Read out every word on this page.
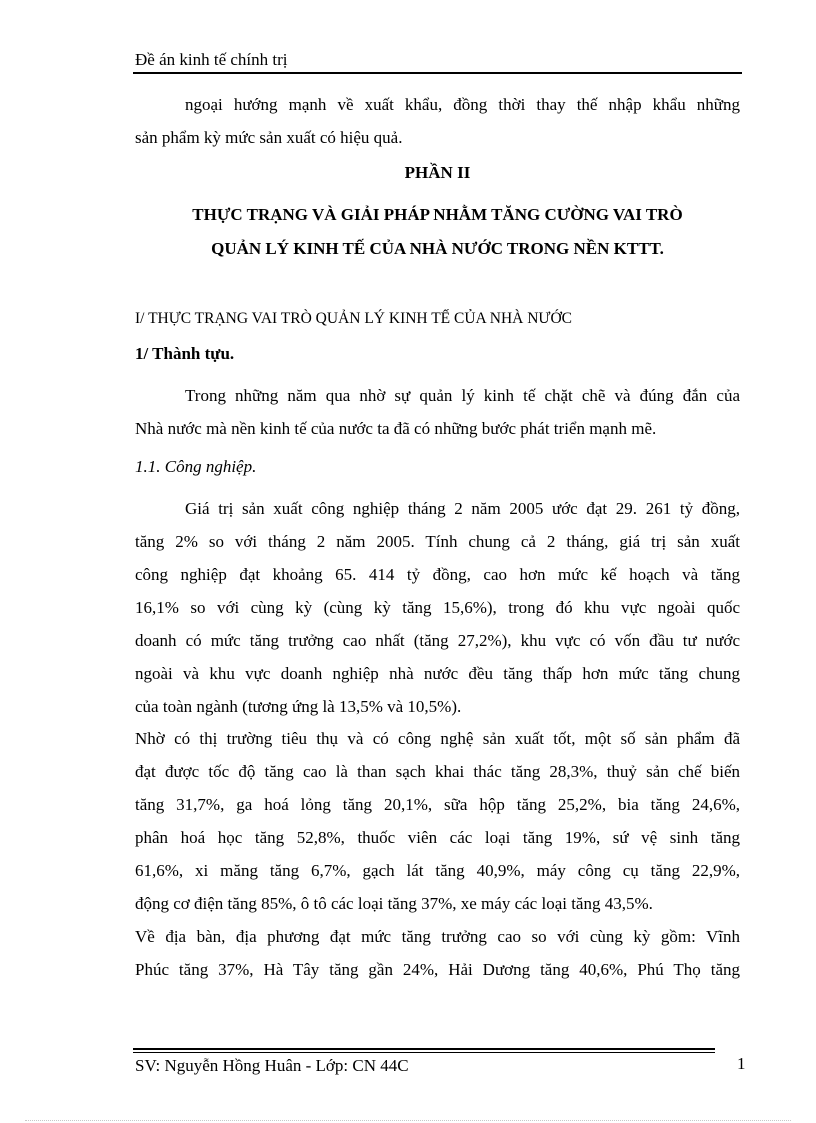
Đề án kinh tế chính trị
ngoại hướng mạnh về xuất khẩu, đồng thời thay thế nhập khẩu những
sản phẩm kỳ mức sản xuất có hiệu quả.
PHẦN II
THỰC TRẠNG VÀ GIẢI PHÁP NHẰM TĂNG CƯỜNG VAI TRÒ
QUẢN LÝ KINH TẾ CỦA NHÀ NƯỚC TRONG NỀN KTTT.
I/ THỰC TRẠNG VAI TRÒ QUẢN LÝ KINH TẾ CỦA NHÀ NƯỚC
1/ Thành tựu.
Trong những năm qua nhờ sự quản lý kinh tế chặt chẽ và đúng đắn của
Nhà nước mà nền kinh tế của nước ta đã có những bước phát triển mạnh mẽ.
1.1. Công nghiệp.
Giá trị sản xuất công nghiệp tháng 2 năm 2005 ước đạt 29. 261 tỷ đồng,
tăng 2% so với tháng 2 năm 2005. Tính chung cả 2 tháng, giá trị sản xuất
công nghiệp đạt khoảng 65. 414 tỷ đồng, cao hơn mức kế hoạch và tăng
16,1% so với cùng kỳ (cùng kỳ tăng 15,6%), trong đó khu vực ngoài quốc
doanh có mức tăng trưởng cao nhất (tăng 27,2%), khu vực có vốn đầu tư nước
ngoài và khu vực doanh nghiệp nhà nước đều tăng thấp hơn mức tăng chung
của toàn ngành (tương ứng là 13,5% và 10,5%).
Nhờ có thị trường tiêu thụ và có công nghệ sản xuất tốt, một số sản phẩm đã
đạt được tốc độ tăng cao là than sạch khai thác tăng 28,3%, thuỷ sản chế biến
tăng 31,7%, ga hoá lỏng tăng 20,1%, sữa hộp tăng 25,2%, bia tăng 24,6%,
phân hoá học tăng 52,8%, thuốc viên các loại tăng 19%, sứ vệ sinh tăng
61,6%, xi măng tăng 6,7%, gạch lát tăng 40,9%, máy công cụ tăng 22,9%,
động cơ điện tăng 85%, ô tô các loại tăng 37%, xe máy các loại tăng 43,5%.
Về địa bàn, địa phương đạt mức tăng trưởng cao so với cùng kỳ gồm: Vĩnh
Phúc tăng 37%, Hà Tây tăng gần 24%, Hải Dương tăng 40,6%, Phú Thọ tăng
SV: Nguyễn Hồng Huân - Lớp: CN 44C	1
